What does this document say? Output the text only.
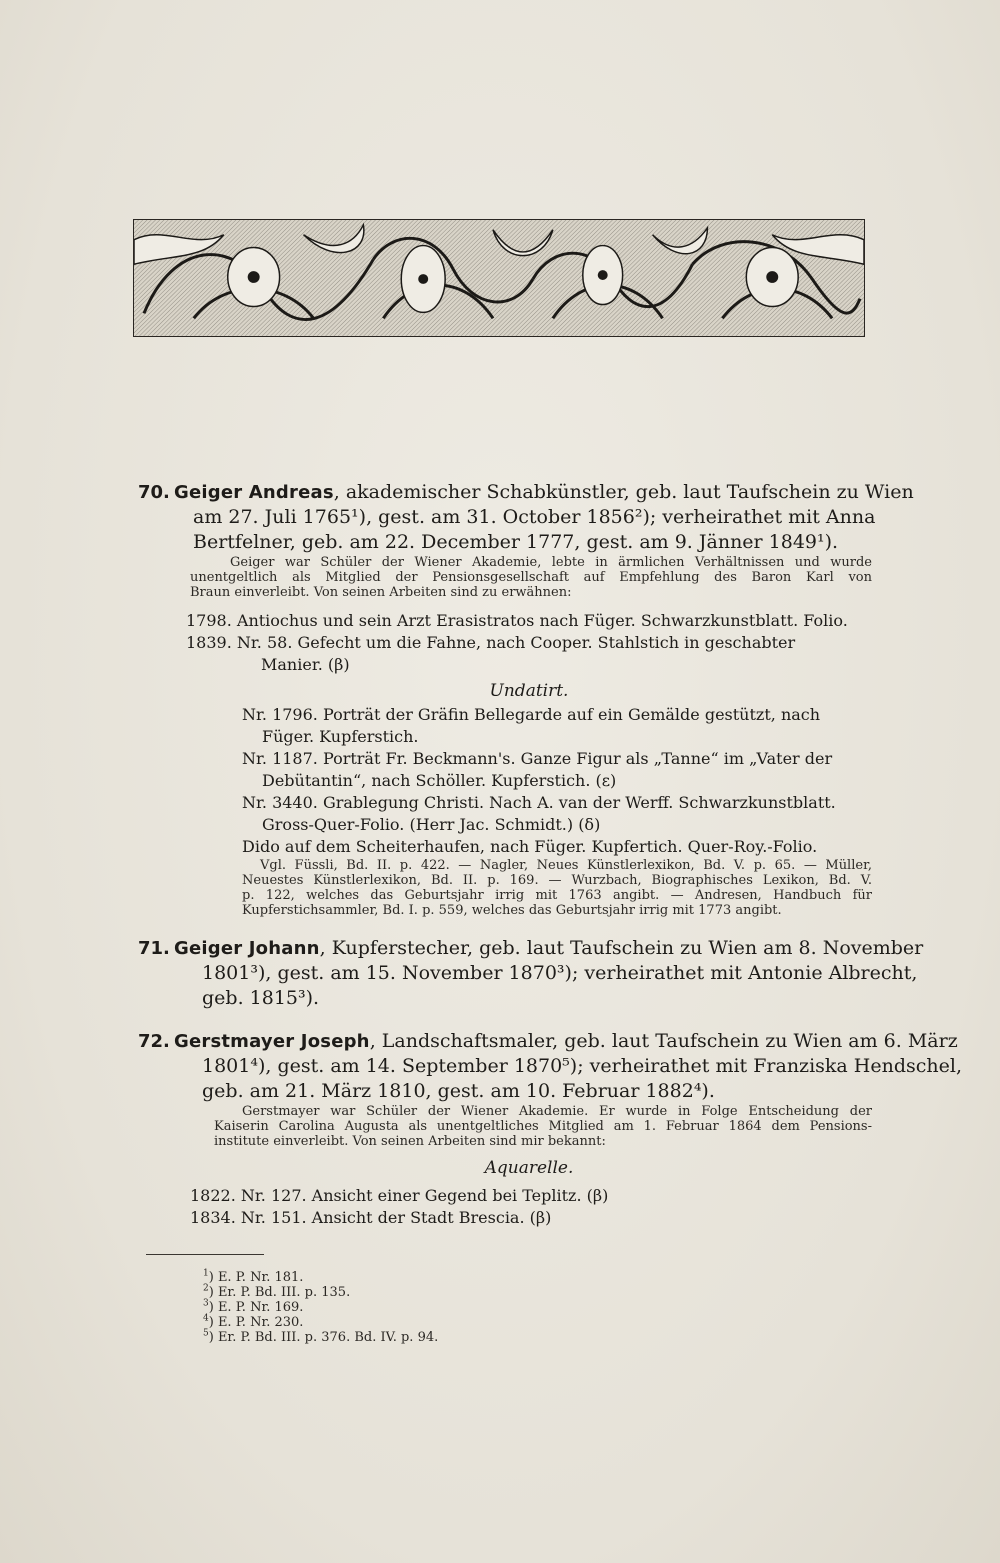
70. Geiger Andreas, akademischer Schabkünstler, geb. laut Taufschein zu Wien
am 27. Juli 1765¹), gest. am 31. October 1856²); verheirathet mit Anna
Bertfelner, geb. am 22. December 1777, gest. am 9. Jänner 1849¹).
Geiger war Schüler der Wiener Akademie, lebte in ärmlichen Verhältnissen und wurde
unentgeltlich als Mitglied der Pensionsgesellschaft auf Empfehlung des Baron Karl von
Braun einverleibt. Von seinen Arbeiten sind zu erwähnen:
1798. Antiochus und sein Arzt Erasistratos nach Füger. Schwarzkunstblatt. Folio.
1839. Nr. 58. Gefecht um die Fahne, nach Cooper. Stahlstich in geschabter
Manier. (β)
Undatirt.
Nr. 1796. Porträt der Gräfin Bellegarde auf ein Gemälde gestützt, nach
Füger. Kupferstich.
Nr. 1187. Porträt Fr. Beckmann's. Ganze Figur als „Tanne“ im „Vater der
Debütantin“, nach Schöller. Kupferstich. (ε)
Nr. 3440. Grablegung Christi. Nach A. van der Werff. Schwarzkunstblatt.
Gross-Quer-Folio. (Herr Jac. Schmidt.) (δ)
Dido auf dem Scheiterhaufen, nach Füger. Kupfertich. Quer-Roy.-Folio.
Vgl. Füssli, Bd. II. p. 422. — Nagler, Neues Künstlerlexikon, Bd. V. p. 65. — Müller,
Neuestes Künstlerlexikon, Bd. II. p. 169. — Wurzbach, Biographisches Lexikon, Bd. V.
p. 122, welches das Geburtsjahr irrig mit 1763 angibt. — Andresen, Handbuch für
Kupferstichsammler, Bd. I. p. 559, welches das Geburtsjahr irrig mit 1773 angibt.
71. Geiger Johann, Kupferstecher, geb. laut Taufschein zu Wien am 8. November
1801³), gest. am 15. November 1870³); verheirathet mit Antonie Albrecht,
geb. 1815³).
72. Gerstmayer Joseph, Landschaftsmaler, geb. laut Taufschein zu Wien am 6. März
1801⁴), gest. am 14. September 1870⁵); verheirathet mit Franziska Hendschel,
geb. am 21. März 1810, gest. am 10. Februar 1882⁴).
Gerstmayer war Schüler der Wiener Akademie. Er wurde in Folge Entscheidung der
Kaiserin Carolina Augusta als unentgeltliches Mitglied am 1. Februar 1864 dem Pensions-
institute einverleibt. Von seinen Arbeiten sind mir bekannt:
Aquarelle.
1822. Nr. 127. Ansicht einer Gegend bei Teplitz. (β)
1834. Nr. 151. Ansicht der Stadt Brescia. (β)
$^1$) E. P. Nr. 181.
$^2$) Er. P. Bd. III. p. 135.
$^3$) E. P. Nr. 169.
$^4$) E. P. Nr. 230.
$^5$) Er. P. Bd. III. p. 376. Bd. IV. p. 94.
